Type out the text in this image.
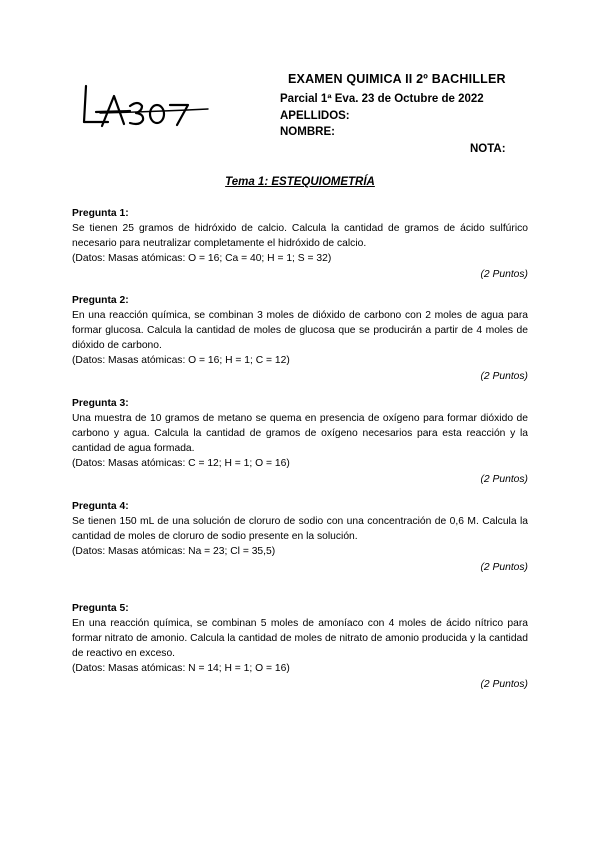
EXAMEN QUIMICA II 2º BACHILLER
Parcial 1ª Eva. 23 de Octubre de 2022
APELLIDOS:
NOMBRE:
NOTA:
Tema 1: ESTEQUIOMETRÍA
Pregunta 1:
Se tienen 25 gramos de hidróxido de calcio. Calcula la cantidad de gramos de ácido sulfúrico necesario para neutralizar completamente el hidróxido de calcio.
(Datos: Masas atómicas: O = 16; Ca = 40; H = 1; S = 32)
(2 Puntos)
Pregunta 2:
En una reacción química, se combinan 3 moles de dióxido de carbono con 2 moles de agua para formar glucosa. Calcula la cantidad de moles de glucosa que se producirán a partir de 4 moles de dióxido de carbono.
(Datos: Masas atómicas: O = 16; H = 1; C = 12)
(2 Puntos)
Pregunta 3:
Una muestra de 10 gramos de metano se quema en presencia de oxígeno para formar dióxido de carbono y agua. Calcula la cantidad de gramos de oxígeno necesarios para esta reacción y la cantidad de agua formada.
(Datos: Masas atómicas: C = 12; H = 1; O = 16)
(2 Puntos)
Pregunta 4:
Se tienen 150 mL de una solución de cloruro de sodio con una concentración de 0,6 M. Calcula la cantidad de moles de cloruro de sodio presente en la solución.
(Datos: Masas atómicas: Na = 23; Cl = 35,5)
(2 Puntos)
Pregunta 5:
En una reacción química, se combinan 5 moles de amoníaco con 4 moles de ácido nítrico para formar nitrato de amonio. Calcula la cantidad de moles de nitrato de amonio producida y la cantidad de reactivo en exceso.
(Datos: Masas atómicas: N = 14; H = 1; O = 16)
(2 Puntos)
